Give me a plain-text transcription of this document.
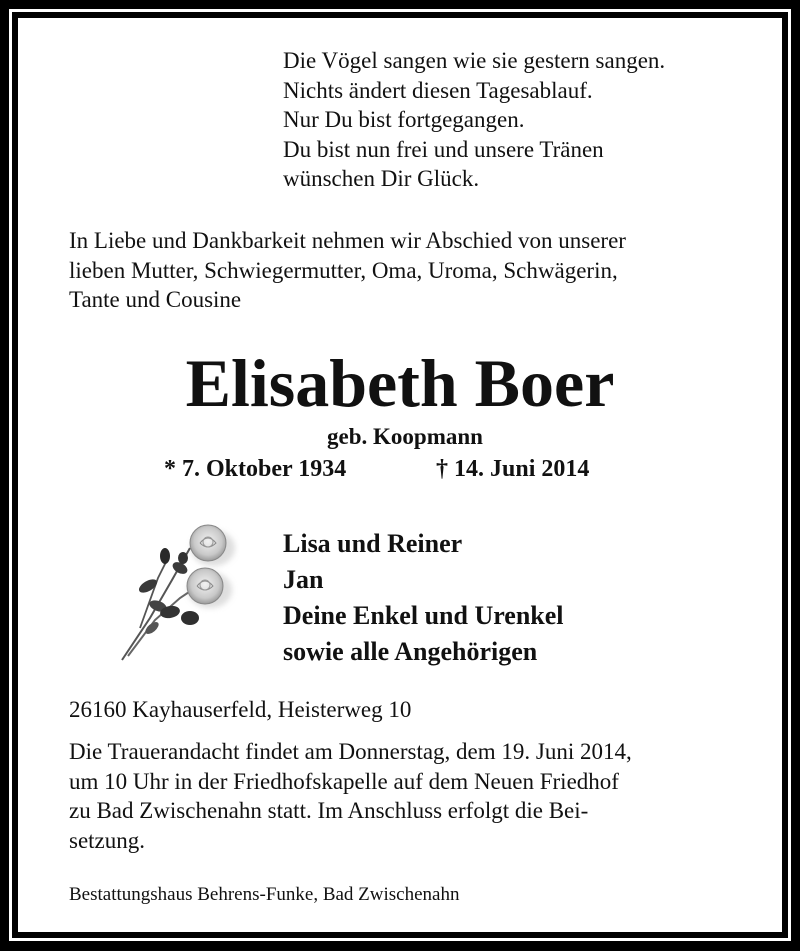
Die Vögel sangen wie sie gestern sangen.
Nichts ändert diesen Tagesablauf.
Nur Du bist fortgegangen.
Du bist nun frei und unsere Tränen
wünschen Dir Glück.
In Liebe und Dankbarkeit nehmen wir Abschied von unserer
lieben Mutter, Schwiegermutter, Oma, Uroma, Schwägerin,
Tante und Cousine
Elisabeth Boer
geb. Koopmann
* 7. Oktober 1934	† 14. Juni 2014
Lisa und Reiner
Jan
Deine Enkel und Urenkel
sowie alle Angehörigen
26160 Kayhauserfeld, Heisterweg 10
Die Trauerandacht findet am Donnerstag, dem 19. Juni 2014,
um 10 Uhr in der Friedhofskapelle auf dem Neuen Friedhof
zu Bad Zwischenahn statt. Im Anschluss erfolgt die Bei-
setzung.
Bestattungshaus Behrens-Funke, Bad Zwischenahn
